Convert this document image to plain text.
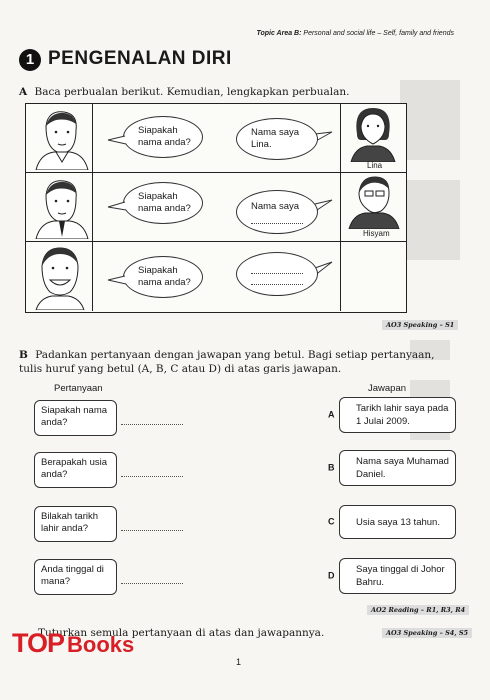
Topic Area B: Personal and social life – Self, family and friends
1 PENGENALAN DIRI
A Baca perbualan berikut. Kemudian, lengkapkan perbualan.
Siapakah nama anda?
Siapakah nama anda?
Siapakah nama anda?
Nama saya Lina.
Nama saya
Lina
Hisyam
AO3 Speaking – S1
B Padankan pertanyaan dengan jawapan yang betul. Bagi setiap pertanyaan, tulis huruf yang betul (A, B, C atau D) di atas garis jawapan.
Pertanyaan	Jawapan
Siapakah nama anda?
Berapakah usia anda?
Bilakah tarikh lahir anda?
Anda tinggal di mana?
A
Tarikh lahir saya pada 1 Julai 2009.
B
Nama saya Muhamad Daniel.
C Usia saya 13 tahun.
D
Saya tinggal di Johor Bahru.
AO2 Reading – R1, R3, R4
Tuturkan semula pertanyaan di atas dan jawapannya.	AO3 Speaking – S4, S5
TOP Books
1
